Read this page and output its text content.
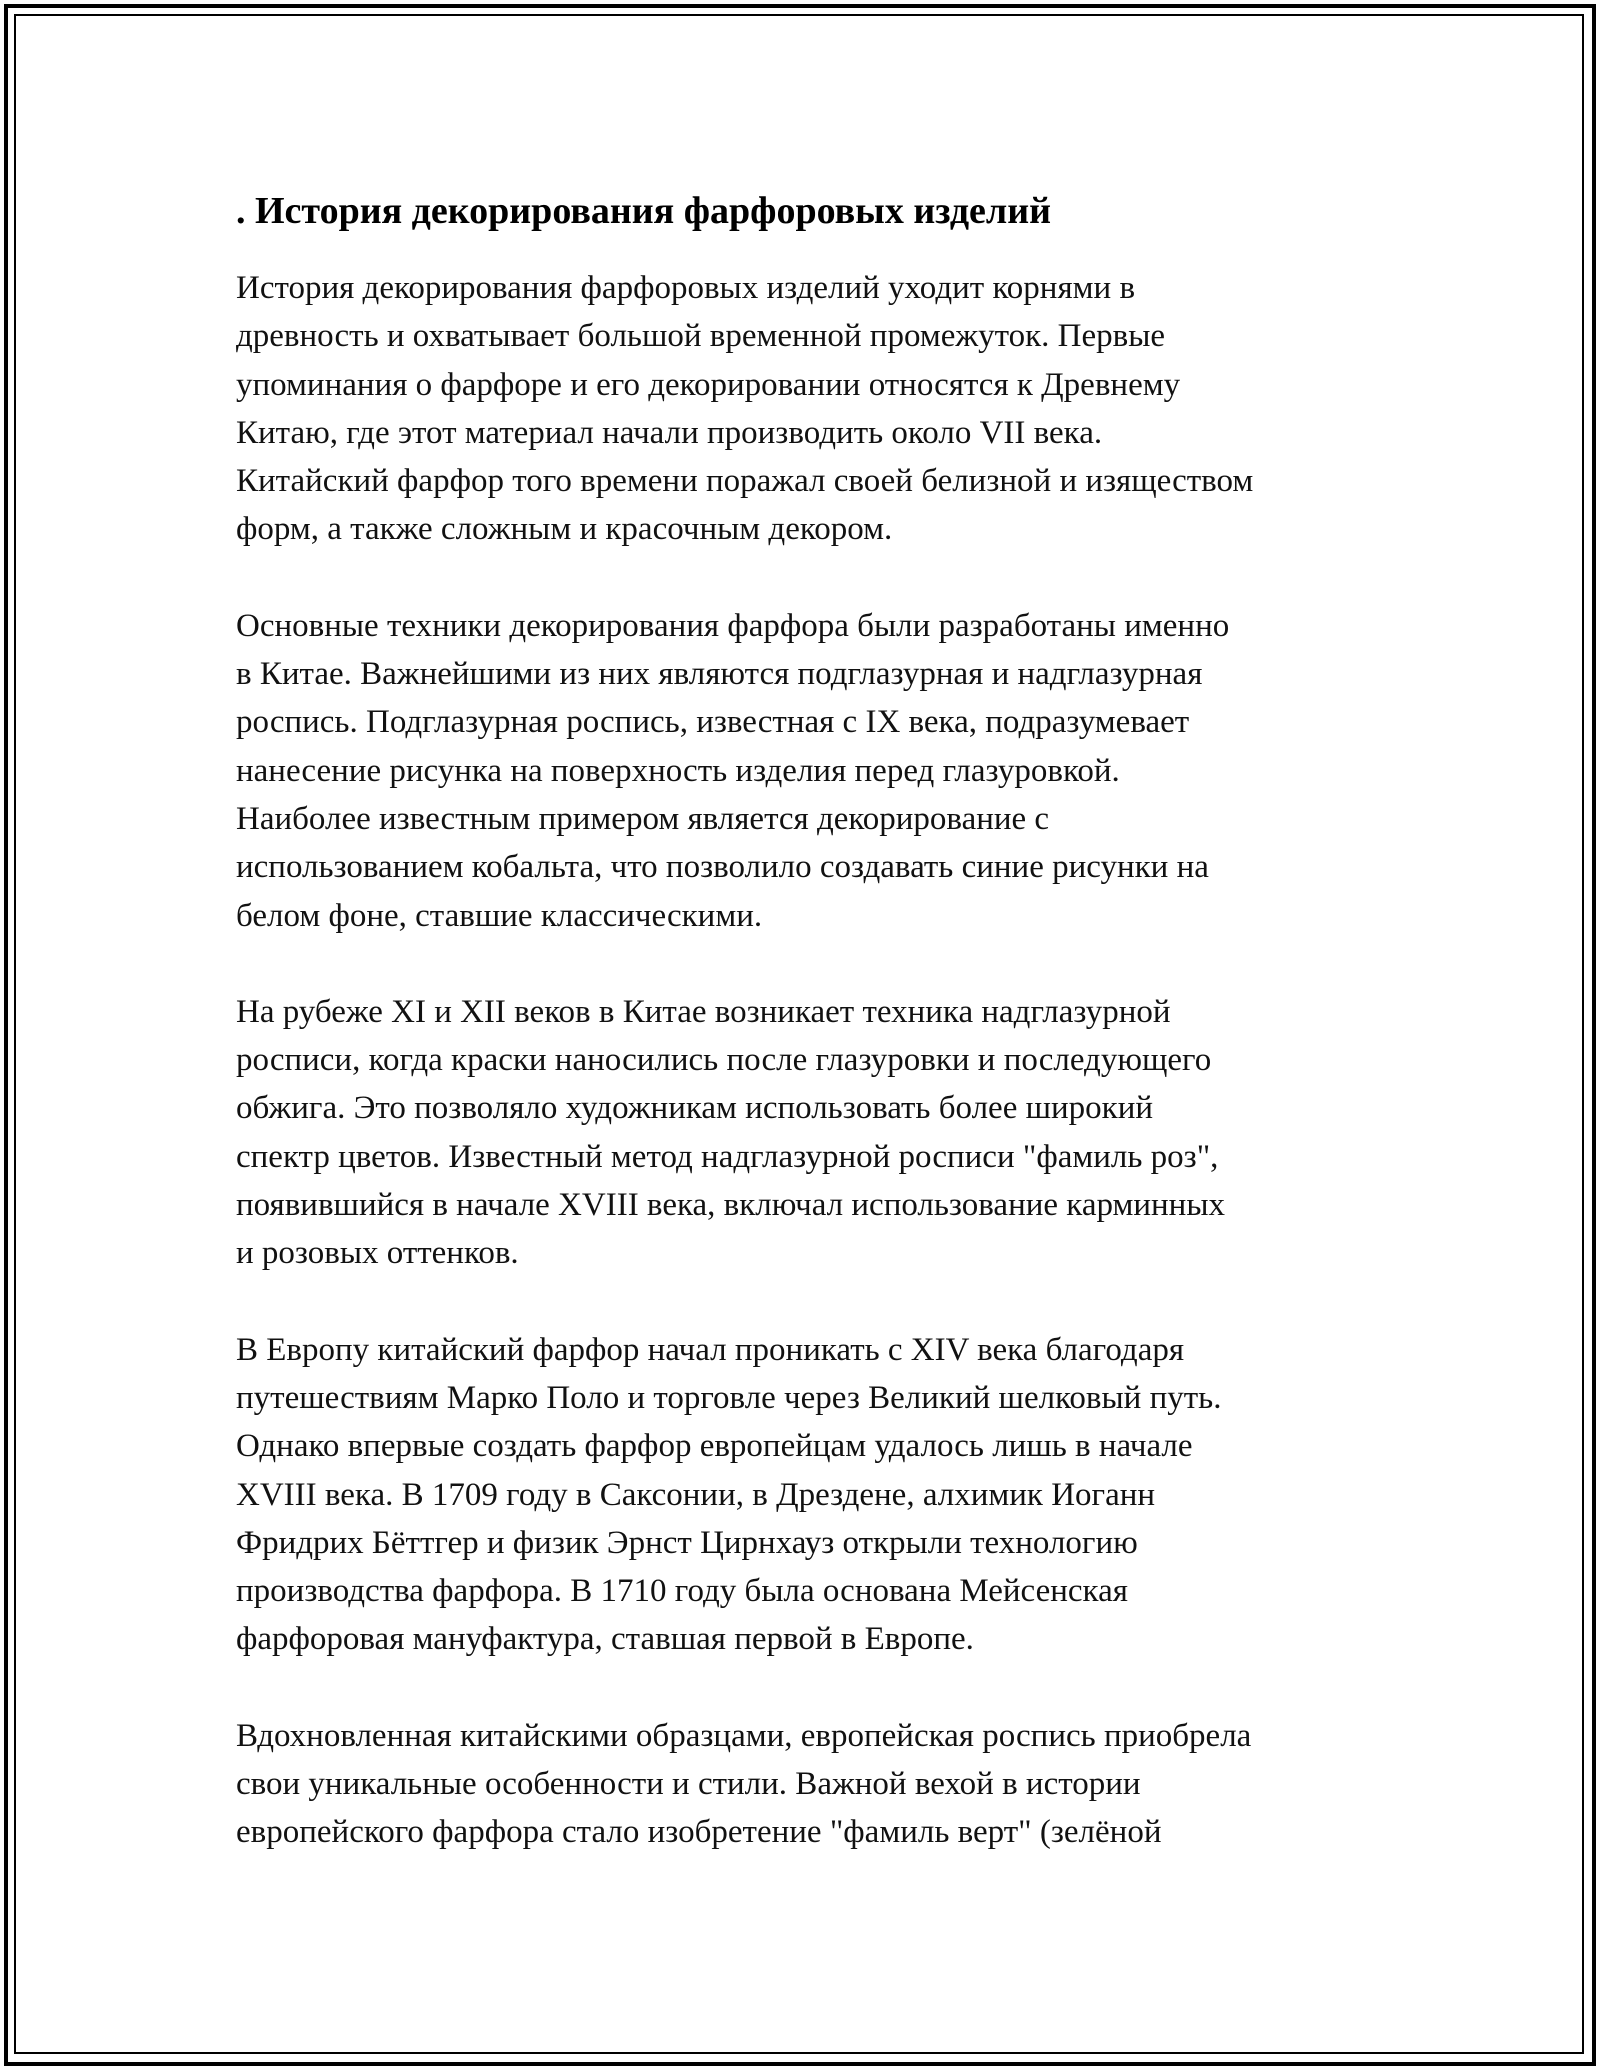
. История декорирования фарфоровых изделий

История декорирования фарфоровых изделий уходит корнями в
древность и охватывает большой временной промежуток. Первые
упоминания о фарфоре и его декорировании относятся к Древнему
Китаю, где этот материал начали производить около VII века.
Китайский фарфор того времени поражал своей белизной и изяществом
форм, а также сложным и красочным декором.

Основные техники декорирования фарфора были разработаны именно
в Китае. Важнейшими из них являются подглазурная и надглазурная
роспись. Подглазурная роспись, известная с IX века, подразумевает
нанесение рисунка на поверхность изделия перед глазуровкой.
Наиболее известным примером является декорирование с
использованием кобальта, что позволило создавать синие рисунки на
белом фоне, ставшие классическими.

На рубеже XI и XII веков в Китае возникает техника надглазурной
росписи, когда краски наносились после глазуровки и последующего
обжига. Это позволяло художникам использовать более широкий
спектр цветов. Известный метод надглазурной росписи "фамиль роз",
появившийся в начале XVIII века, включал использование карминных
и розовых оттенков.

В Европу китайский фарфор начал проникать с XIV века благодаря
путешествиям Марко Поло и торговле через Великий шелковый путь.
Однако впервые создать фарфор европейцам удалось лишь в начале
XVIII века. В 1709 году в Саксонии, в Дрездене, алхимик Иоганн
Фридрих Бёттгер и физик Эрнст Цирнхауз открыли технологию
производства фарфора. В 1710 году была основана Мейсенская
фарфоровая мануфактура, ставшая первой в Европе.

Вдохновленная китайскими образцами, европейская роспись приобрела
свои уникальные особенности и стили. Важной вехой в истории
европейского фарфора стало изобретение "фамиль верт" (зелёной
